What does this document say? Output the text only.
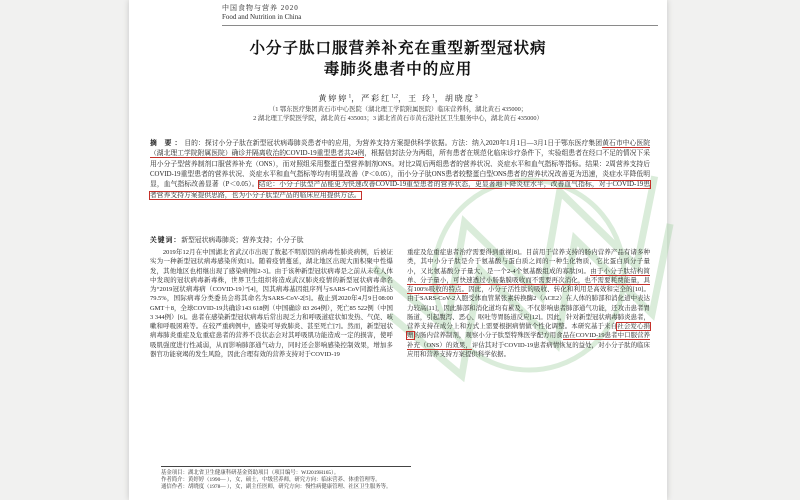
中国食物与营养 2020
Food and Nutrition in China
小分子肽口服营养补充在重型新型冠状病
毒肺炎患者中的应用
黄婷婷$^1$，严彩红$^{1,2}$，王 玲$^1$，胡晓度$^3$
（1 鄂东医疗集团黄石市中心医院（湖北理工学院附属医院）临床营养科，湖北黄石 435000；
2 湖北理工学院医学院，湖北黄石 435003；3 湖北省黄石市黄石港社区卫生服务中心，湖北黄石 435000）

摘 要：目的：探讨小分子肽在新型冠状病毒肺炎患者中的应用，为营养支持方案提供科学依据。方法：纳入2020年1月1日—3月1日于鄂东医疗集团黄石市中心医院（湖北理工学院附属医院）确诊并隔离收治的COVID-19重型患者共24例，根据信封法分为两组，所有患者在规范化临床诊疗条件下，实验组患者在经口不足的情况下采用小分子型营养制剂口服营养补充（ONS），而对照组采用整蛋白型营养制剂ONS。对比2周后两组患者的营养状况、炎症水平和血气指标等指标。结果：2周营养支持后COVID-19重型患者的营养状况、炎症水平和血气指标等均有明显改善（P＜0.05），而小分子肽ONS患者较整蛋白型ONS患者的营养状况改善更为迅速，炎症水平降低明显，血气指标改善显著（P＜0.05）。结论：小分子肽型产品能更为快速改善COVID-19重型患者的营养状态，更显著地下降炎症水平，改善血气指标，对于COVID-19患者营养支持方案提供思路，也为小分子肽型产品的临床应用提供方法。

关键词：新型冠状病毒肺炎；营养支持；小分子肽

2019年12月在中国湖北省武汉市出现了数起不明原因的病毒性肺炎病例，后被证实为一种新型冠状病毒感染所致[1]。随着疫情蔓延，湖北地区出现大面积聚中性爆发，其他地区也相继出现了感染病例[2-3]。由于该种新型冠状病毒是之前从未在人体中发现的冠状病毒新毒株，世界卫生组织将造成武汉肺炎疫情的新型冠状病毒命名为“2019冠状病毒病（COVID-19）”[4]，因其病毒基因组序列与SARS-CoV同源性高达79.5%，国际病毒分类委员会将其命名为SARS-CoV-2[5]。截止到2020年4月9日08:00 GMT＋8，全球COVID-19共确诊143 618例（中国确诊 83 264例），死亡85 522例（中国3 344例）[6]。患者在感染新型冠状病毒后常出现乏力和呼吸道症状如发热、气促、咳嗽和呼吸困难等。在较严重病例中，感染可导致肺炎、甚至死亡[7]。然而，新型冠状病毒肺炎重症及危重症患者的营养不良状态会对其呼吸肌功能造成一定的损害，使呼吸肌强度进行性减弱，从而影响肺部通气动力，同时还会影响感染控制效果，增加多器官功能衰竭的发生风险，因此合理有效的营养支持对于COVID-19

重症及危重症患者治疗需要得到重视[8]。目前用于营养支持的肠内营养产品有诸多种类，其中小分子肽是介于氨基酸与蛋白质之间的一种生化物质，它比蛋白质分子量小，又比氨基酸分子量大，是一个2-4个氨基酸组成的寡肽[9]。由于小分子肽结构简单、分子量小，可快速透过小肠黏膜吸收而不需要再次消化，也不需要耗费能量，具有100%吸收的特点。因此，小分子活性肽的吸收、转化和利用是高效和完全的[10]。由于SARS-CoV-2入胞受体血管紧张素转换酶2（ACE2）在人体的肺部和消化道中表达力较高[11]，因此肺部和消化道均有累及，不仅影响患者肺部通气功能，还攻击患者胃肠道，引起腹泻、恶心、呕吐等胃肠道反应[12]。因此，针对新型冠状病毒肺炎患者，营养支持在成分上和方式上需要根据病情做个性化调整。本研究基于来自社会爱心捐赠的肠内营养制剂，观察小分子肽型特殊医学配方用食品在COVID-19患者中口服营养补充（ONS）的效果，评估其对于COVID-19患者病情恢复的益处，对小分子肽的临床应用和营养支持方案提供科学依据。
基金项目：湖北省卫生健康科研基金资助项目（项目编号：WJ2019H165）。
作者简介：黄婷婷（1990— ），女，硕士，中级营养师，研究方向：临床营养、体重管理等。
通信作者：胡晓度（1978— ），女，副主任医师，研究方向：慢性病健康管理、社区卫生服务等。
